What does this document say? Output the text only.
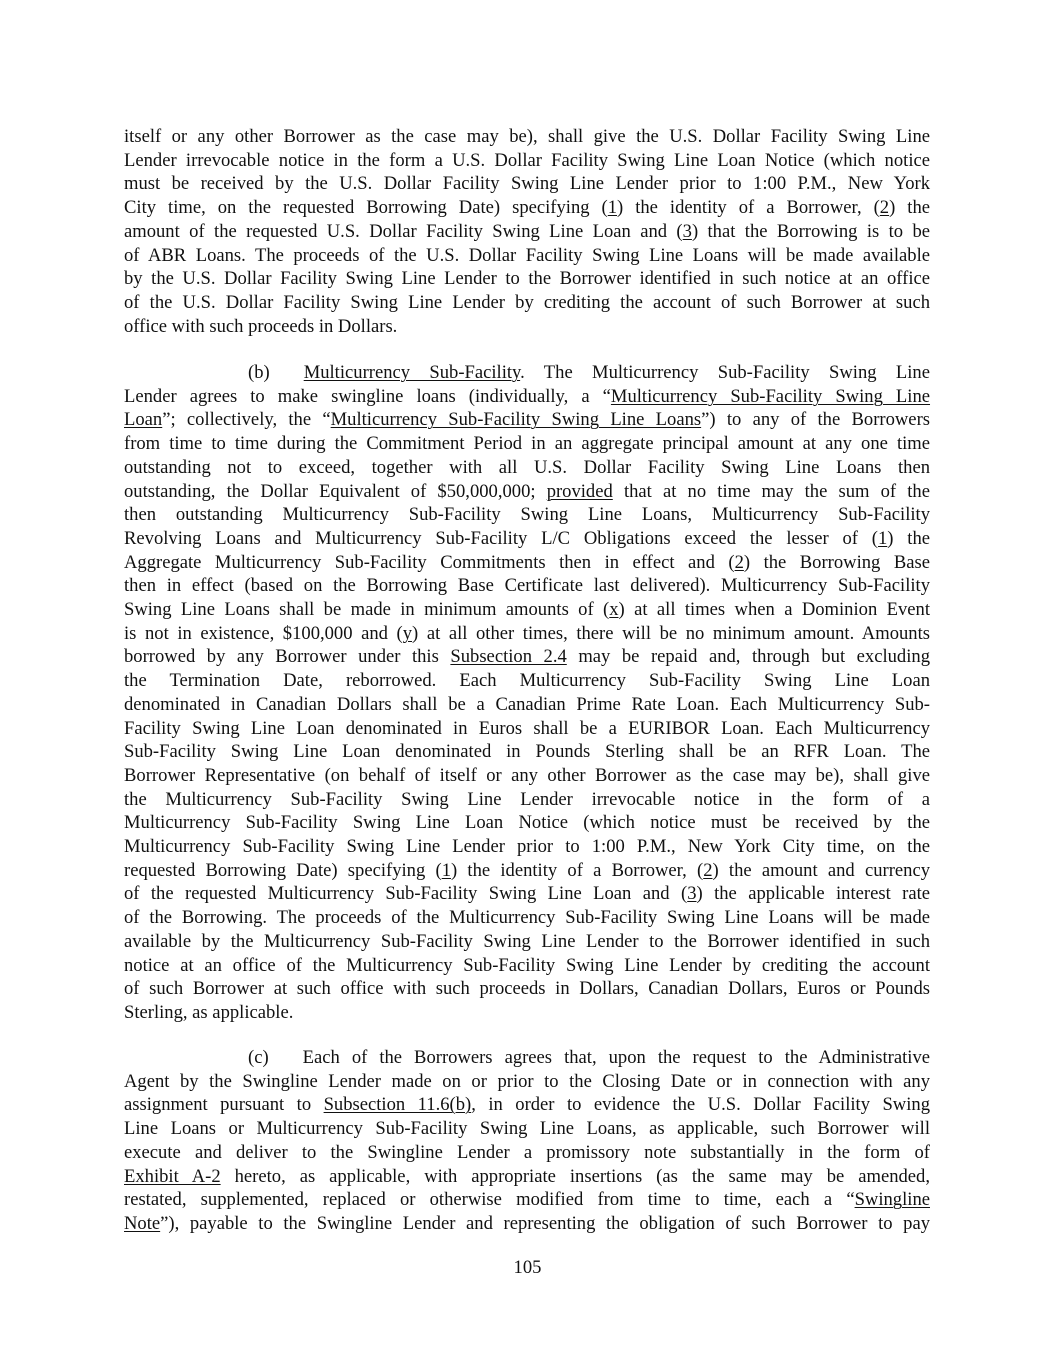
itself or any other Borrower as the case may be), shall give the U.S. Dollar Facility Swing Line
Lender irrevocable notice in the form a U.S. Dollar Facility Swing Line Loan Notice (which notice
must be received by the U.S. Dollar Facility Swing Line Lender prior to 1:00 P.M., New York
City time, on the requested Borrowing Date) specifying (1) the identity of a Borrower, (2) the
amount of the requested U.S. Dollar Facility Swing Line Loan and (3) that the Borrowing is to be
of ABR Loans. The proceeds of the U.S. Dollar Facility Swing Line Loans will be made available
by the U.S. Dollar Facility Swing Line Lender to the Borrower identified in such notice at an office
of the U.S. Dollar Facility Swing Line Lender by crediting the account of such Borrower at such
office with such proceeds in Dollars.
(b) Multicurrency Sub-Facility. The Multicurrency Sub-Facility Swing Line
Lender agrees to make swingline loans (individually, a “Multicurrency Sub-Facility Swing Line
Loan”; collectively, the “Multicurrency Sub-Facility Swing Line Loans”) to any of the Borrowers
from time to time during the Commitment Period in an aggregate principal amount at any one time
outstanding not to exceed, together with all U.S. Dollar Facility Swing Line Loans then
outstanding, the Dollar Equivalent of $50,000,000; provided that at no time may the sum of the
then outstanding Multicurrency Sub-Facility Swing Line Loans, Multicurrency Sub-Facility
Revolving Loans and Multicurrency Sub-Facility L/C Obligations exceed the lesser of (1) the
Aggregate Multicurrency Sub-Facility Commitments then in effect and (2) the Borrowing Base
then in effect (based on the Borrowing Base Certificate last delivered). Multicurrency Sub-Facility
Swing Line Loans shall be made in minimum amounts of (x) at all times when a Dominion Event
is not in existence, $100,000 and (y) at all other times, there will be no minimum amount. Amounts
borrowed by any Borrower under this Subsection 2.4 may be repaid and, through but excluding
the Termination Date, reborrowed. Each Multicurrency Sub-Facility Swing Line Loan
denominated in Canadian Dollars shall be a Canadian Prime Rate Loan. Each Multicurrency Sub-
Facility Swing Line Loan denominated in Euros shall be a EURIBOR Loan. Each Multicurrency
Sub-Facility Swing Line Loan denominated in Pounds Sterling shall be an RFR Loan. The
Borrower Representative (on behalf of itself or any other Borrower as the case may be), shall give
the Multicurrency Sub-Facility Swing Line Lender irrevocable notice in the form of a
Multicurrency Sub-Facility Swing Line Loan Notice (which notice must be received by the
Multicurrency Sub-Facility Swing Line Lender prior to 1:00 P.M., New York City time, on the
requested Borrowing Date) specifying (1) the identity of a Borrower, (2) the amount and currency
of the requested Multicurrency Sub-Facility Swing Line Loan and (3) the applicable interest rate
of the Borrowing. The proceeds of the Multicurrency Sub-Facility Swing Line Loans will be made
available by the Multicurrency Sub-Facility Swing Line Lender to the Borrower identified in such
notice at an office of the Multicurrency Sub-Facility Swing Line Lender by crediting the account
of such Borrower at such office with such proceeds in Dollars, Canadian Dollars, Euros or Pounds
Sterling, as applicable.
(c) Each of the Borrowers agrees that, upon the request to the Administrative
Agent by the Swingline Lender made on or prior to the Closing Date or in connection with any
assignment pursuant to Subsection 11.6(b), in order to evidence the U.S. Dollar Facility Swing
Line Loans or Multicurrency Sub-Facility Swing Line Loans, as applicable, such Borrower will
execute and deliver to the Swingline Lender a promissory note substantially in the form of
Exhibit A-2 hereto, as applicable, with appropriate insertions (as the same may be amended,
restated, supplemented, replaced or otherwise modified from time to time, each a “Swingline
Note”), payable to the Swingline Lender and representing the obligation of such Borrower to pay
105
